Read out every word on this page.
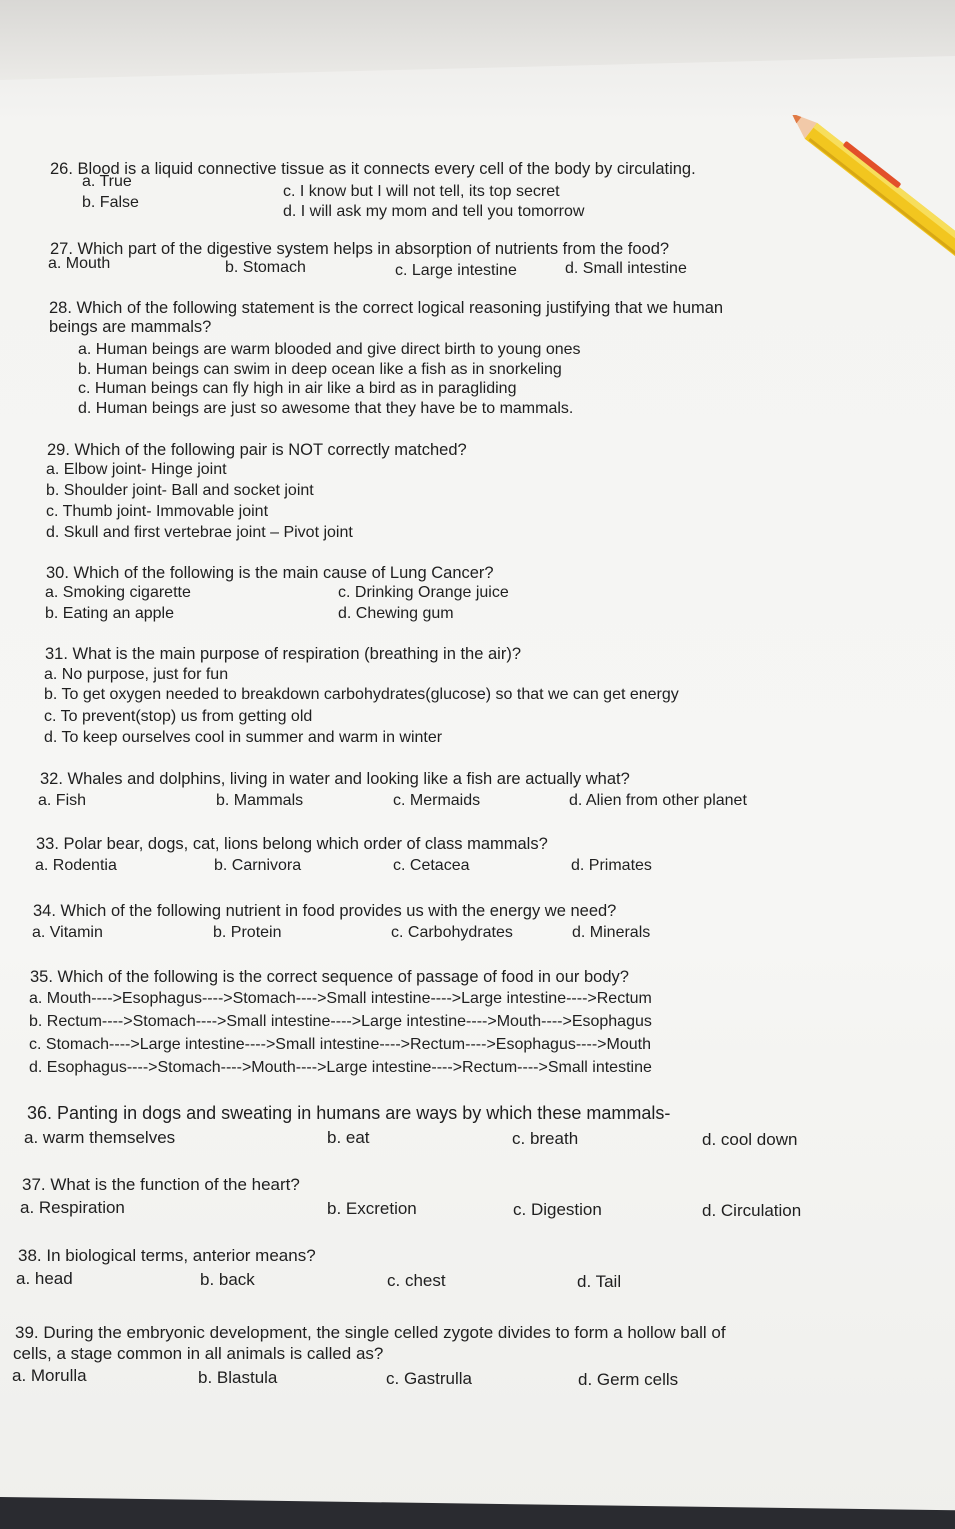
26. Blood is a liquid connective tissue as it connects every cell of the body by circulating.
a. True
b. False
c. I know but I will not tell, its top secret
d. I will ask my mom and tell you tomorrow
27. Which part of the digestive system helps in absorption of nutrients from the food?
a. Mouth	b. Stomach	c. Large intestine	d. Small intestine
28. Which of the following statement is the correct logical reasoning justifying that we human
beings are mammals?
a. Human beings are warm blooded and give direct birth to young ones
b. Human beings can swim in deep ocean like a fish as in snorkeling
c. Human beings can fly high in air like a bird as in paragliding
d. Human beings are just so awesome that they have be to mammals.
29. Which of the following pair is NOT correctly matched?
a. Elbow joint- Hinge joint
b. Shoulder joint- Ball and socket joint
c. Thumb joint- Immovable joint
d. Skull and first vertebrae joint – Pivot joint
30. Which of the following is the main cause of Lung Cancer?
a. Smoking cigarette
b. Eating an apple
c. Drinking Orange juice
d. Chewing gum
31. What is the main purpose of respiration (breathing in the air)?
a. No purpose, just for fun
b. To get oxygen needed to breakdown carbohydrates(glucose) so that we can get energy
c. To prevent(stop) us from getting old
d. To keep ourselves cool in summer and warm in winter
32. Whales and dolphins, living in water and looking like a fish are actually what?
a. Fish	b. Mammals	c. Mermaids	d. Alien from other planet
33. Polar bear, dogs, cat, lions belong which order of class mammals?
a. Rodentia	b. Carnivora	c. Cetacea	d. Primates
34. Which of the following nutrient in food provides us with the energy we need?
a. Vitamin	b. Protein	c. Carbohydrates	d. Minerals
35. Which of the following is the correct sequence of passage of food in our body?
a. Mouth---->Esophagus---->Stomach---->Small intestine---->Large intestine---->Rectum
b. Rectum---->Stomach---->Small intestine---->Large intestine---->Mouth---->Esophagus
c. Stomach---->Large intestine---->Small intestine---->Rectum---->Esophagus---->Mouth
d. Esophagus---->Stomach---->Mouth---->Large intestine---->Rectum---->Small intestine
36. Panting in dogs and sweating in humans are ways by which these mammals-
a. warm themselves	b. eat	c. breath	d. cool down
37. What is the function of the heart?
a. Respiration	b. Excretion	c. Digestion	d. Circulation
38. In biological terms, anterior means?
a. head	b. back	c. chest	d. Tail
39. During the embryonic development, the single celled zygote divides to form a hollow ball of
cells, a stage common in all animals is called as?
a. Morulla	b. Blastula	c. Gastrulla	d. Germ cells
